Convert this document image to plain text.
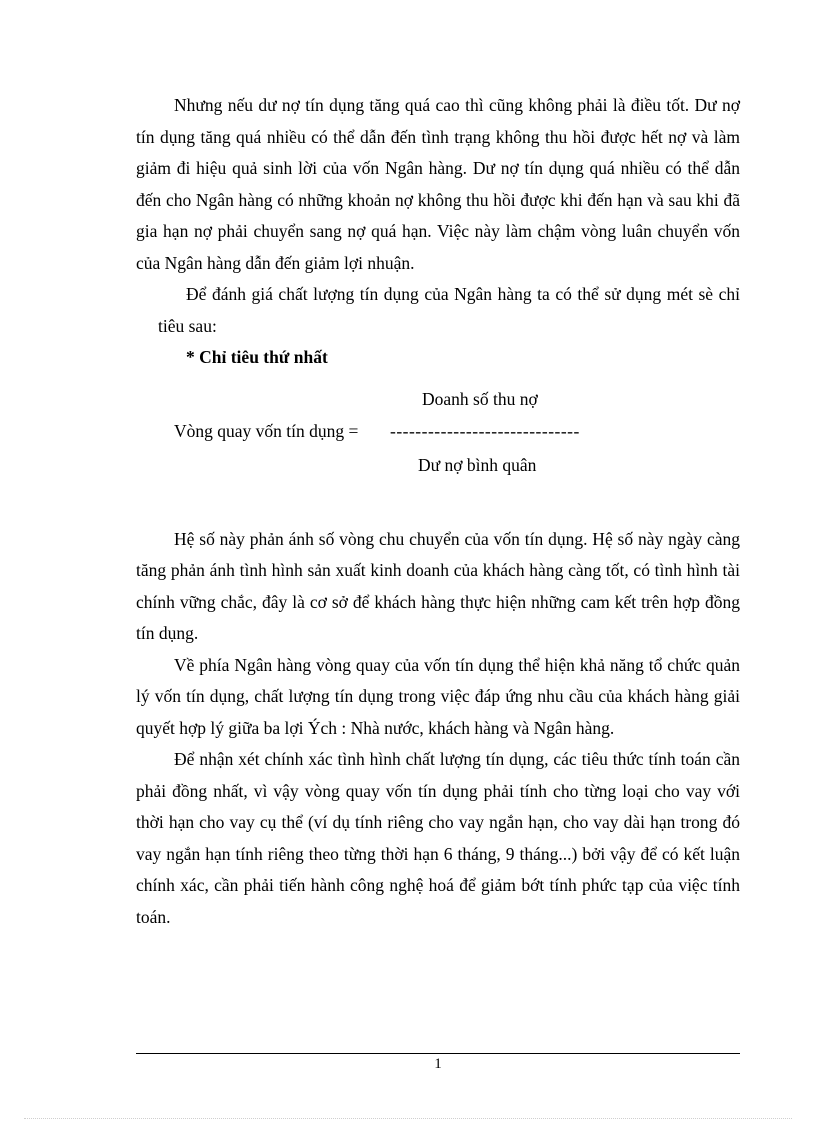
Nhưng nếu dư nợ tín dụng tăng quá cao thì cũng không phải là điều tốt. Dư nợ tín dụng tăng quá nhiều có thể dẫn đến tình trạng không thu hồi được hết nợ và làm giảm đi hiệu quả sinh lời của vốn Ngân hàng. Dư nợ tín dụng quá nhiều có thể dẫn đến cho Ngân hàng có những khoản nợ không thu hồi được khi đến hạn và sau khi đã gia hạn nợ phải chuyển sang nợ quá hạn. Việc này làm chậm vòng luân chuyển vốn của Ngân hàng dẫn đến giảm lợi nhuận.

Để đánh giá chất lượng tín dụng của Ngân hàng ta có thể sử dụng mét sè chỉ tiêu sau:

* Chỉ tiêu thứ nhất

Doanh số thu nợ
Vòng quay vốn tín dụng = ------------------------------
Dư nợ bình quân

Hệ số này phản ánh số vòng chu chuyển của vốn tín dụng. Hệ số này ngày càng tăng phản ánh tình hình sản xuất kinh doanh của khách hàng càng tốt, có tình hình tài chính vững chắc, đây là cơ sở để khách hàng thực hiện những cam kết trên hợp đồng tín dụng.

Về phía Ngân hàng vòng quay của vốn tín dụng thể hiện khả năng tổ chức quản lý vốn tín dụng, chất lượng tín dụng trong việc đáp ứng nhu cầu của khách hàng giải quyết hợp lý giữa ba lợi Ých : Nhà nước, khách hàng và Ngân hàng.

Để nhận xét chính xác tình hình chất lượng tín dụng, các tiêu thức tính toán cần phải đồng nhất, vì vậy vòng quay vốn tín dụng phải tính cho từng loại cho vay với thời hạn cho vay cụ thể (ví dụ tính riêng cho vay ngắn hạn, cho vay dài hạn trong đó vay ngắn hạn tính riêng theo từng thời hạn 6 tháng, 9 tháng...) bởi vậy để có kết luận chính xác, cần phải tiến hành công nghệ hoá để giảm bớt tính phức tạp của việc tính toán.

1
